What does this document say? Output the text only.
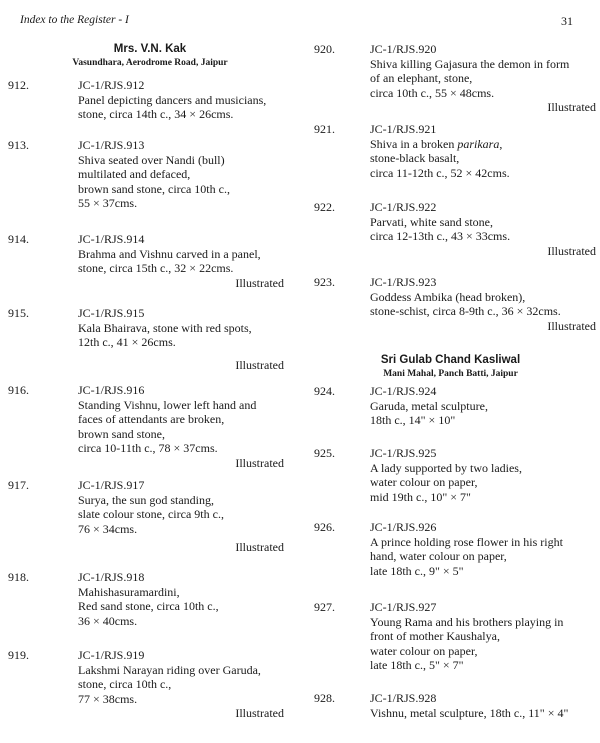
Index to the Register - I	31
Mrs. V.N. Kak
Vasundhara, Aerodrome Road, Jaipur
912.	JC-1/RJS.912
Panel depicting dancers and musicians,
stone, circa 14th c., 34 × 26cms.
913.	JC-1/RJS.913
Shiva seated over Nandi (bull)
multilated and defaced,
brown sand stone, circa 10th c.,
55 × 37cms.
914.	JC-1/RJS.914
Brahma and Vishnu carved in a panel,
stone, circa 15th c., 32 × 22cms.
Illustrated
915.	JC-1/RJS.915
Kala Bhairava, stone with red spots,
12th c., 41 × 26cms.
Illustrated
916.	JC-1/RJS.916
Standing Vishnu, lower left hand and
faces of attendants are broken,
brown sand stone,
circa 10-11th c., 78 × 37cms.
Illustrated
917.	JC-1/RJS.917
Surya, the sun god standing,
slate colour stone, circa 9th c.,
76 × 34cms.
Illustrated
918.	JC-1/RJS.918
Mahishasuramardini,
Red sand stone, circa 10th c.,
36 × 40cms.
919.	JC-1/RJS.919
Lakshmi Narayan riding over Garuda,
stone, circa 10th c.,
77 × 38cms.
Illustrated
920.	JC-1/RJS.920
Shiva killing Gajasura the demon in form
of an elephant, stone,
circa 10th c., 55 × 48cms.
Illustrated
921.	JC-1/RJS.921
Shiva in a broken parikara,
stone-black basalt,
circa 11-12th c., 52 × 42cms.
922.	JC-1/RJS.922
Parvati, white sand stone,
circa 12-13th c., 43 × 33cms.
Illustrated
923.	JC-1/RJS.923
Goddess Ambika (head broken),
stone-schist, circa 8-9th c., 36 × 32cms.
Illustrated
Sri Gulab Chand Kasliwal
Mani Mahal, Panch Batti, Jaipur
924.	JC-1/RJS.924
Garuda, metal sculpture,
18th c., 14" × 10"
925.	JC-1/RJS.925
A lady supported by two ladies,
water colour on paper,
mid 19th c., 10" × 7"
926.	JC-1/RJS.926
A prince holding rose flower in his right
hand, water colour on paper,
late 18th c., 9" × 5"
927.	JC-1/RJS.927
Young Rama and his brothers playing in
front of mother Kaushalya,
water colour on paper,
late 18th c., 5" × 7"
928.	JC-1/RJS.928
Vishnu, metal sculpture, 18th c., 11" × 4"
